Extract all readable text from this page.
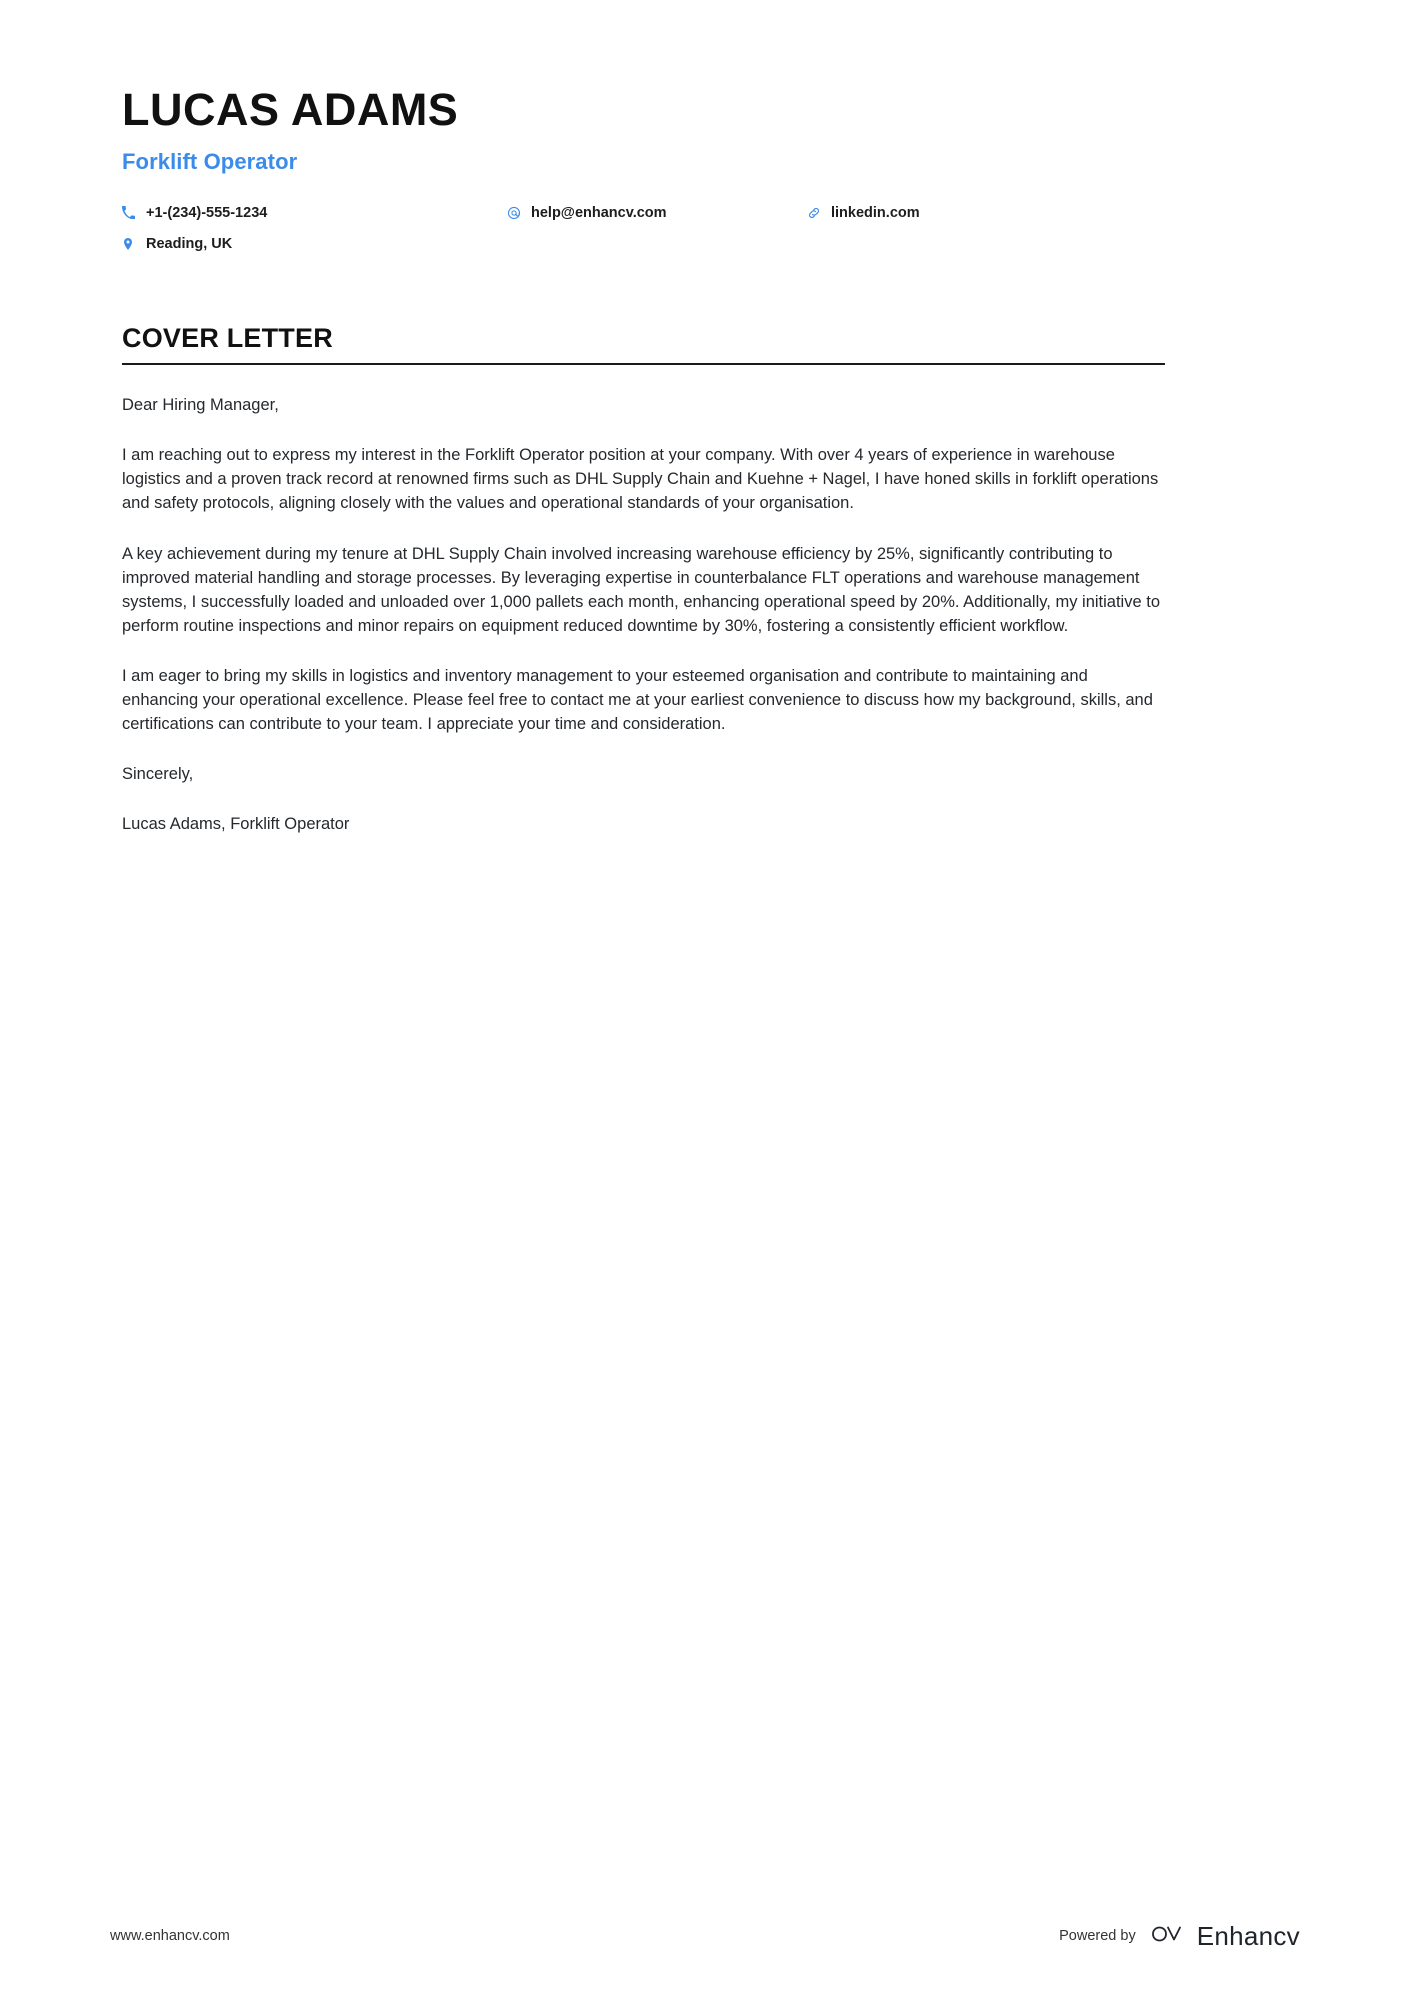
LUCAS ADAMS
Forklift Operator
+1-(234)-555-1234	help@enhancv.com	linkedin.com
Reading, UK
COVER LETTER

Dear Hiring Manager,

I am reaching out to express my interest in the Forklift Operator position at your company. With over 4 years of experience in warehouse logistics and a proven track record at renowned firms such as DHL Supply Chain and Kuehne + Nagel, I have honed skills in forklift operations and safety protocols, aligning closely with the values and operational standards of your organisation.

A key achievement during my tenure at DHL Supply Chain involved increasing warehouse efficiency by 25%, significantly contributing to improved material handling and storage processes. By leveraging expertise in counterbalance FLT operations and warehouse management systems, I successfully loaded and unloaded over 1,000 pallets each month, enhancing operational speed by 20%. Additionally, my initiative to perform routine inspections and minor repairs on equipment reduced downtime by 30%, fostering a consistently efficient workflow.

I am eager to bring my skills in logistics and inventory management to your esteemed organisation and contribute to maintaining and enhancing your operational excellence. Please feel free to contact me at your earliest convenience to discuss how my background, skills, and certifications can contribute to your team. I appreciate your time and consideration.

Sincerely,

Lucas Adams, Forklift Operator

www.enhancv.com	Powered by Enhancv
